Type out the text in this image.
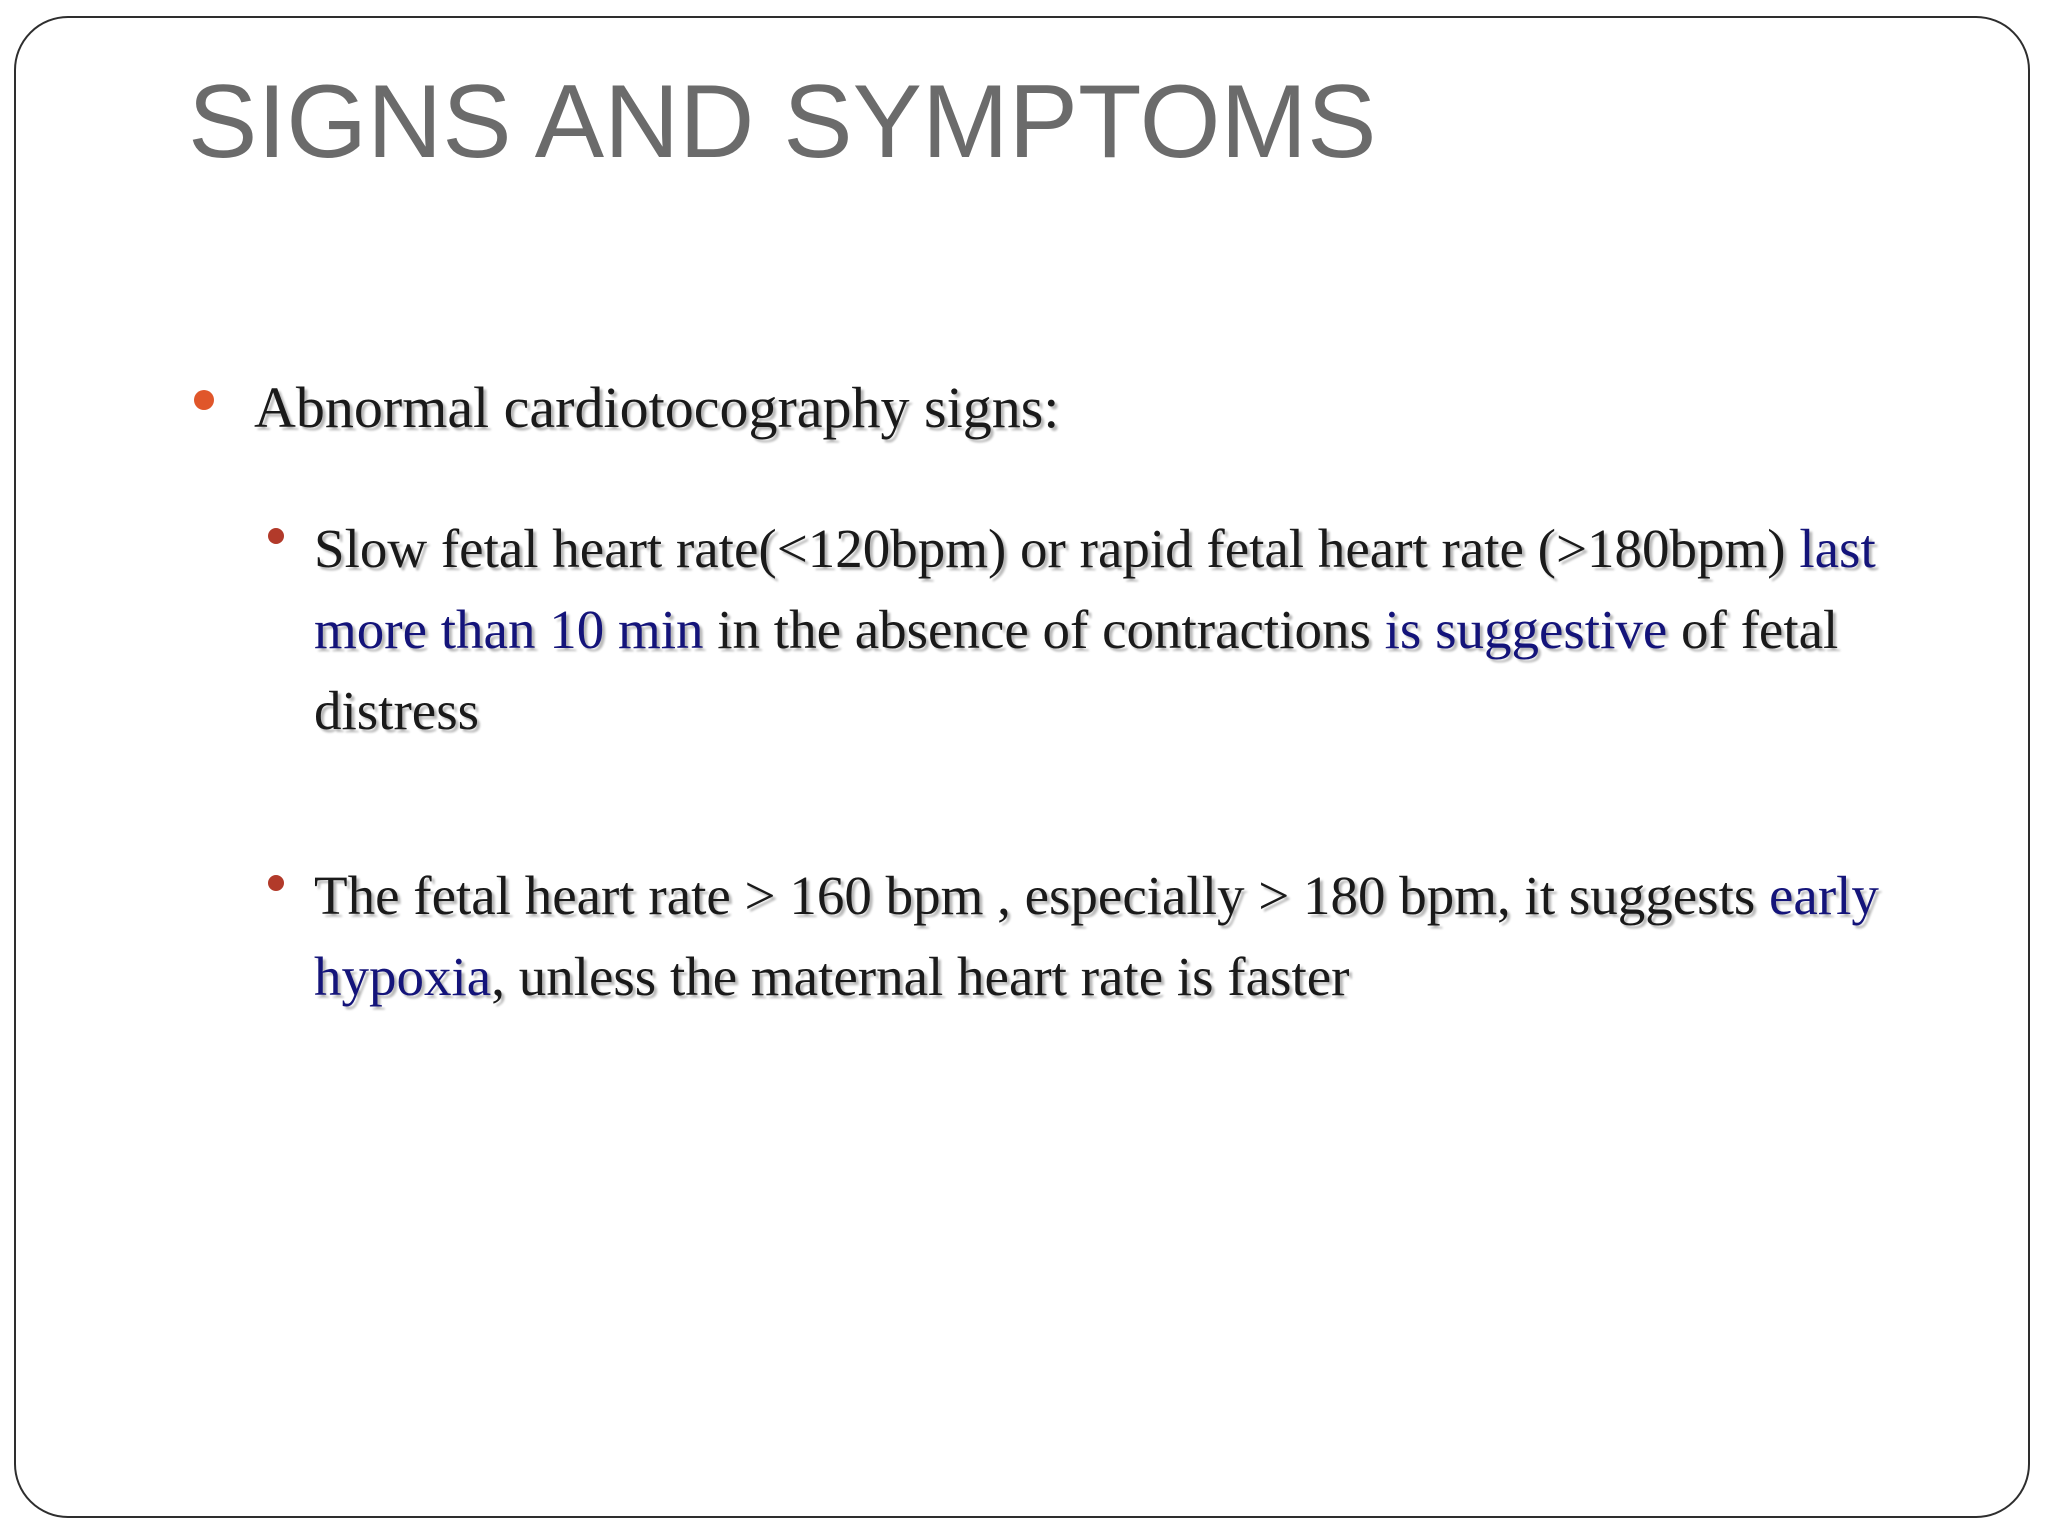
SIGNS AND SYMPTOMS
Abnormal cardiotocography signs:
Slow fetal heart rate(<120bpm) or rapid fetal heart rate (>180bpm) last more than 10 min in the absence of contractions is suggestive of fetal distress
The fetal heart rate > 160 bpm , especially > 180 bpm, it suggests early hypoxia, unless the maternal heart rate is faster
